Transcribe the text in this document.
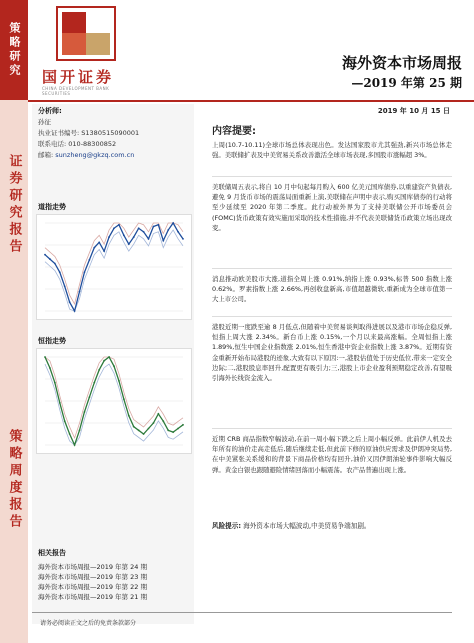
策略研究
证券研究报告
策略周度报告
国开证券
CHINA DEVELOPMENT BANK SECURITIES
海外资本市场周报
—2019 年第 25 期
分析师:
孙征
执业证书编号: S1380515090001
联系电话: 010-88300852
邮箱: sunzheng@gkzq.com.cn
道指走势
恒指走势
相关报告
海外资本市场周报—2019 年第 24 期
海外资本市场周报—2019 年第 23 期
海外资本市场周报—2019 年第 22 期
海外资本市场周报—2019 年第 21 期
2019 年 10 月 15 日
内容提要:
上周(10.7-10.11)全球市场总体表现出色。发达国家股市尤其强劲,新兴市场总体走强。美联储扩表及中美贸易关系改善激活全球市场表现,多国股市涨幅超 3%。
美联储周五表示,将自 10 月中旬起每月购入 600 亿美元国库债券,以重建资产负债表,避免 9 月货币市场的震荡局面重新上演,美联储在声明中表示,购买国库债券的行动将至少延续至 2020 年第二季度。此行动被外界为了支持美联储公开市场委员会(FOMC)货币政策有效实施而采取的技术性措施,并不代表美联储货币政策立场出现改变。
消息推动欧美股市大涨,道指全周上涨 0.91%,纳指上涨 0.93%,标普 500 指数上涨 0.62%。罗素指数上涨 2.66%,再创收盘新高,市值超越微软,重新成为全球市值第一大上市公司。
港股近期一度跌至逾 8 月低点,但随着中美贸易谈判取得进展以及港市市场企稳反弹,恒指上周大涨 2.34%。新台币上涨 0.15%,一个月以来最高涨幅。全周恒指上涨 1.89%,恒生中国企业指数涨 2.01%,恒生香港中资企业指数上涨 3.87%。近期有资金重新开始布局港股的迹象,大致有以下原因:一,港股估值处于历史低位,带来一定安全边际;二,港股股息率回升,配置更有吸引力;三,港股上市企业盈利预期稳定改善,有望吸引海外长线资金流入。
近期 CRB 商品指数窄幅波动,在前一周小幅下跌之后上周小幅反弹。此前伊人机及去年所有的油价走高走低后,随后继续走低,但此前下修的原油供应需求及伊朗冲突局势,在中美紧张关系缓和的背景下商品价格均有回升,油价又因伊朗油轮事件影响大幅反弹。黄金白银也跟随避险情绪回落而小幅震荡。农产品普遍出现上涨。
风险提示: 海外资本市场大幅波动,中美贸易争端加剧。
请务必阅读正文之后的免责条款部分
